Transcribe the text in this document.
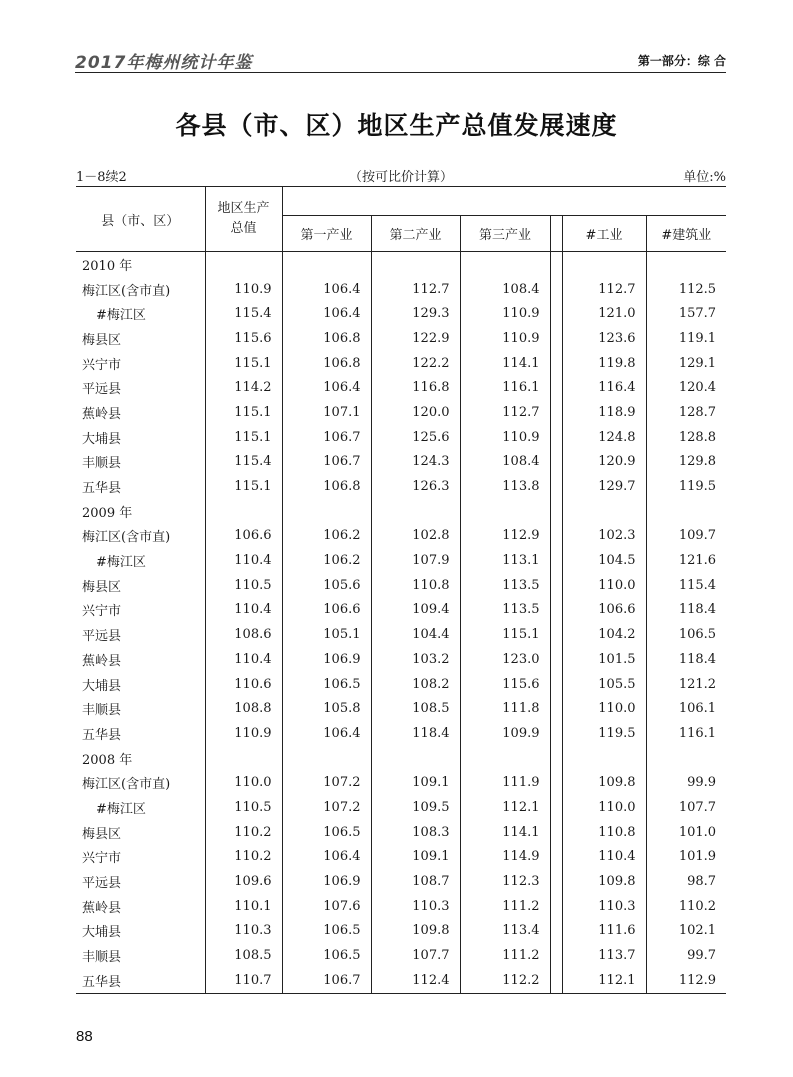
2017年梅州统计年鉴	第一部分：综 合
各县（市、区）地区生产总值发展速度
1－8续2	（按可比价计算）	单位:%
县（市、区）	地区生产总值						
		第一产业	第二产业	第三产业		#工业	#建筑业
2010 年							
梅江区(含市直)	110.9	106.4	112.7	108.4		112.7	112.5
#梅江区	115.4	106.4	129.3	110.9		121.0	157.7
梅县区	115.6	106.8	122.9	110.9		123.6	119.1
兴宁市	115.1	106.8	122.2	114.1		119.8	129.1
平远县	114.2	106.4	116.8	116.1		116.4	120.4
蕉岭县	115.1	107.1	120.0	112.7		118.9	128.7
大埔县	115.1	106.7	125.6	110.9		124.8	128.8
丰顺县	115.4	106.7	124.3	108.4		120.9	129.8
五华县	115.1	106.8	126.3	113.8		129.7	119.5
2009 年							
梅江区(含市直)	106.6	106.2	102.8	112.9		102.3	109.7
#梅江区	110.4	106.2	107.9	113.1		104.5	121.6
梅县区	110.5	105.6	110.8	113.5		110.0	115.4
兴宁市	110.4	106.6	109.4	113.5		106.6	118.4
平远县	108.6	105.1	104.4	115.1		104.2	106.5
蕉岭县	110.4	106.9	103.2	123.0		101.5	118.4
大埔县	110.6	106.5	108.2	115.6		105.5	121.2
丰顺县	108.8	105.8	108.5	111.8		110.0	106.1
五华县	110.9	106.4	118.4	109.9		119.5	116.1
2008 年							
梅江区(含市直)	110.0	107.2	109.1	111.9		109.8	99.9
#梅江区	110.5	107.2	109.5	112.1		110.0	107.7
梅县区	110.2	106.5	108.3	114.1		110.8	101.0
兴宁市	110.2	106.4	109.1	114.9		110.4	101.9
平远县	109.6	106.9	108.7	112.3		109.8	98.7
蕉岭县	110.1	107.6	110.3	111.2		110.3	110.2
大埔县	110.3	106.5	109.8	113.4		111.6	102.1
丰顺县	108.5	106.5	107.7	111.2		113.7	99.7
五华县	110.7	106.7	112.4	112.2		112.1	112.9
88
